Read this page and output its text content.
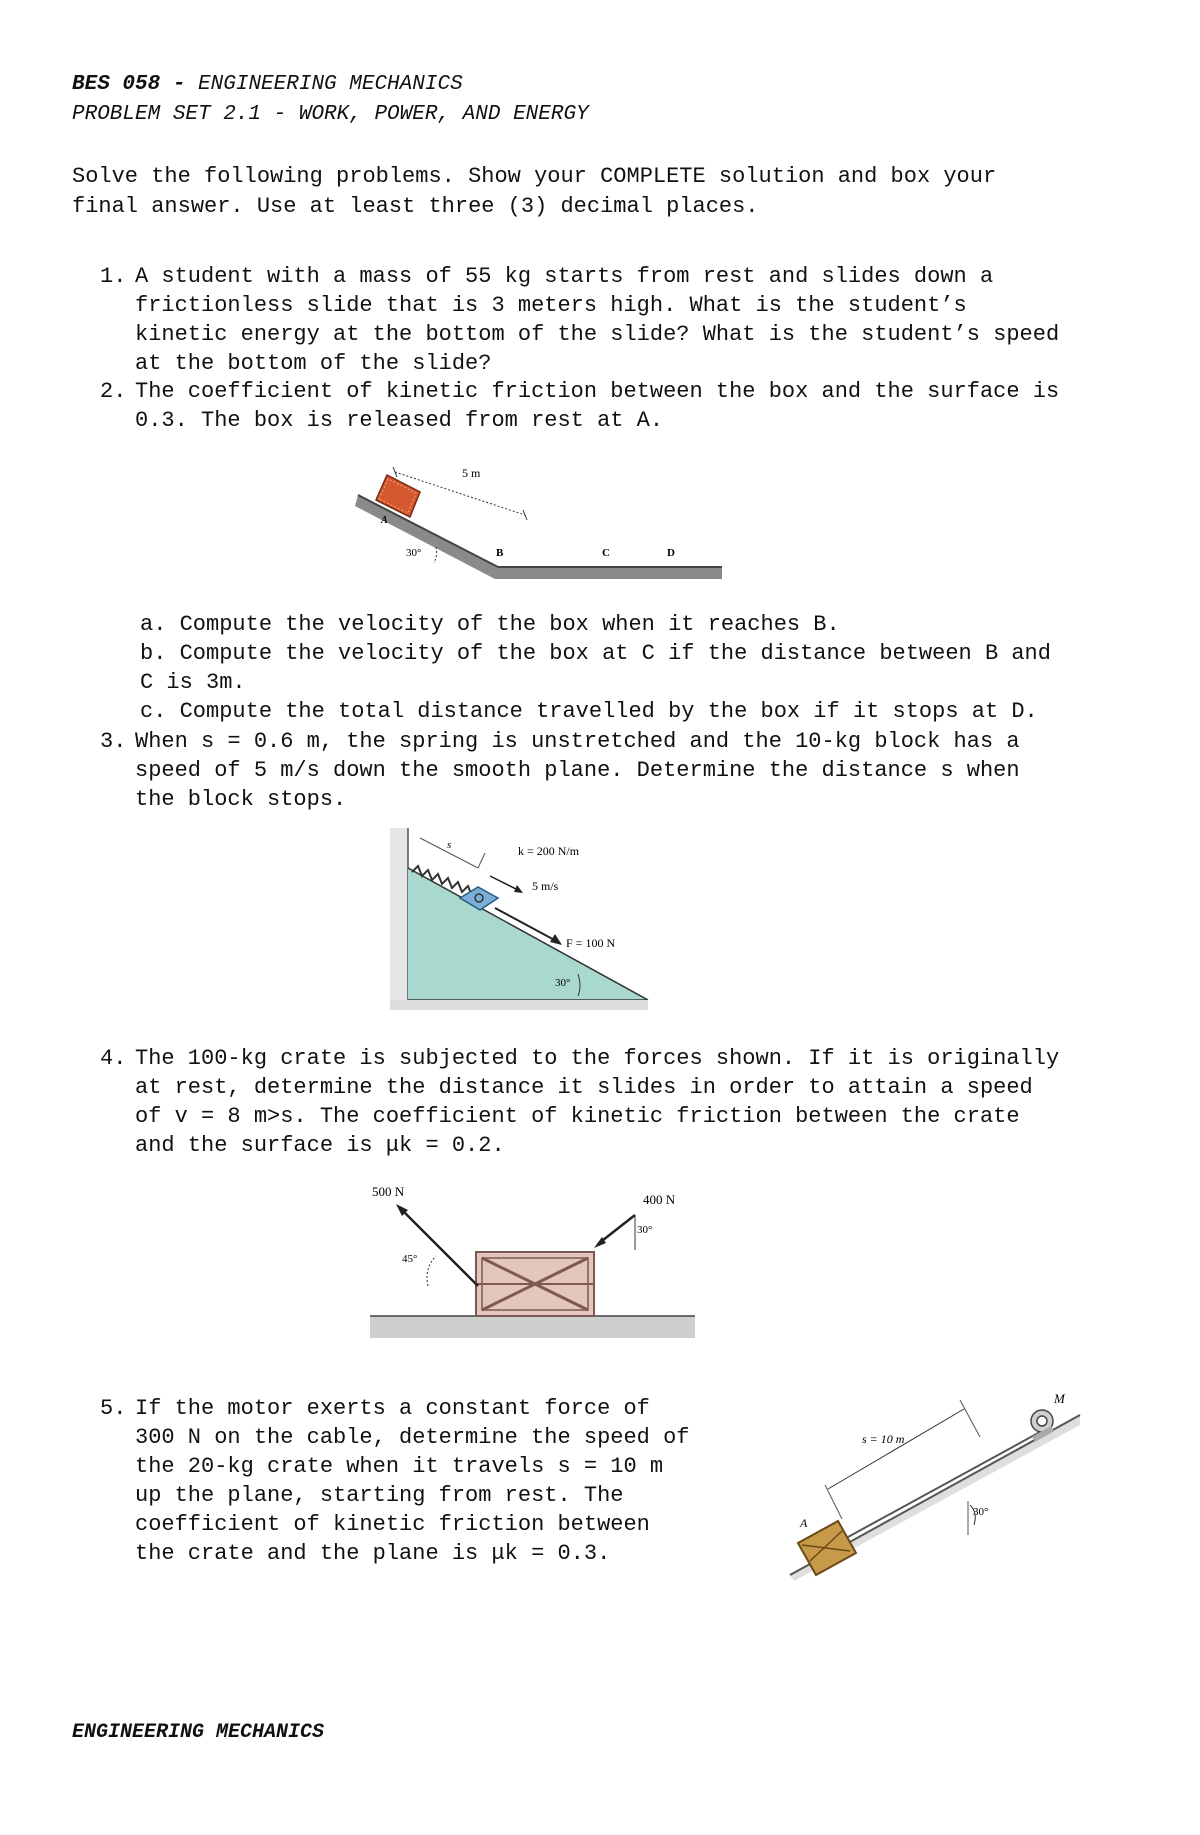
BES 058 - ENGINEERING MECHANICS
PROBLEM SET 2.1 - WORK, POWER, AND ENERGY
Solve the following problems. Show your COMPLETE solution and box your
final answer. Use at least three (3) decimal places.
1. A student with a mass of 55 kg starts from rest and slides down a
frictionless slide that is 3 meters high. What is the student’s
kinetic energy at the bottom of the slide? What is the student’s speed
at the bottom of the slide?
2. The coefficient of kinetic friction between the box and the surface is
0.3. The box is released from rest at A.
5 m
A
30°	B	C	D
a. Compute the velocity of the box when it reaches B.
b. Compute the velocity of the box at C if the distance between B and
C is 3m.
c. Compute the total distance travelled by the box if it stops at D.
3. When s = 0.6 m, the spring is unstretched and the 10-kg block has a
speed of 5 m/s down the smooth plane. Determine the distance s when
the block stops.
s	k = 200 N/m
5 m/s
F = 100 N
30°
4. The 100-kg crate is subjected to the forces shown. If it is originally
at rest, determine the distance it slides in order to attain a speed
of v = 8 m>s. The coefficient of kinetic friction between the crate
and the surface is μk = 0.2.
500 N
45°
400 N
30°
5. If the motor exerts a constant force of
300 N on the cable, determine the speed of
the 20-kg crate when it travels s = 10 m
up the plane, starting from rest. The
coefficient of kinetic friction between
the crate and the plane is μk = 0.3.
M
A
s = 10 m
30°
ENGINEERING MECHANICS
